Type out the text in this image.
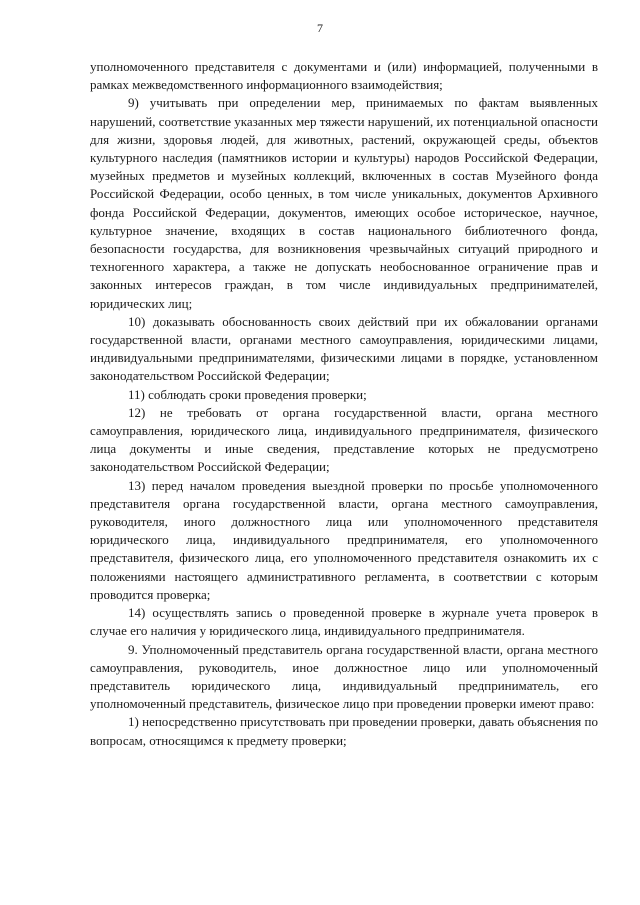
7

уполномоченного представителя с документами и (или) информацией, полученными в рамках межведомственного информационного взаимодействия;

9) учитывать при определении мер, принимаемых по фактам выявленных нарушений, соответствие указанных мер тяжести нарушений, их потенциальной опасности для жизни, здоровья людей, для животных, растений, окружающей среды, объектов культурного наследия (памятников истории и культуры) народов Российской Федерации, музейных предметов и музейных коллекций, включенных в состав Музейного фонда Российской Федерации, особо ценных, в том числе уникальных, документов Архивного фонда Российской Федерации, документов, имеющих особое историческое, научное, культурное значение, входящих в состав национального библиотечного фонда, безопасности государства, для возникновения чрезвычайных ситуаций природного и техногенного характера, а также не допускать необоснованное ограничение прав и законных интересов граждан, в том числе индивидуальных предпринимателей, юридических лиц;

10) доказывать обоснованность своих действий при их обжаловании органами государственной власти, органами местного самоуправления, юридическими лицами, индивидуальными предпринимателями, физическими лицами в порядке, установленном законодательством Российской Федерации;

11) соблюдать сроки проведения проверки;

12) не требовать от органа государственной власти, органа местного самоуправления, юридического лица, индивидуального предпринимателя, физического лица документы и иные сведения, представление которых не предусмотрено законодательством Российской Федерации;

13) перед началом проведения выездной проверки по просьбе уполномоченного представителя органа государственной власти, органа местного самоуправления, руководителя, иного должностного лица или уполномоченного представителя юридического лица, индивидуального предпринимателя, его уполномоченного представителя, физического лица, его уполномоченного представителя ознакомить их с положениями настоящего административного регламента, в соответствии с которым проводится проверка;

14) осуществлять запись о проведенной проверке в журнале учета проверок в случае его наличия у юридического лица, индивидуального предпринимателя.

9. Уполномоченный представитель органа государственной власти, органа местного самоуправления, руководитель, иное должностное лицо или уполномоченный представитель юридического лица, индивидуальный предприниматель, его уполномоченный представитель, физическое лицо при проведении проверки имеют право:

1) непосредственно присутствовать при проведении проверки, давать объяснения по вопросам, относящимся к предмету проверки;
